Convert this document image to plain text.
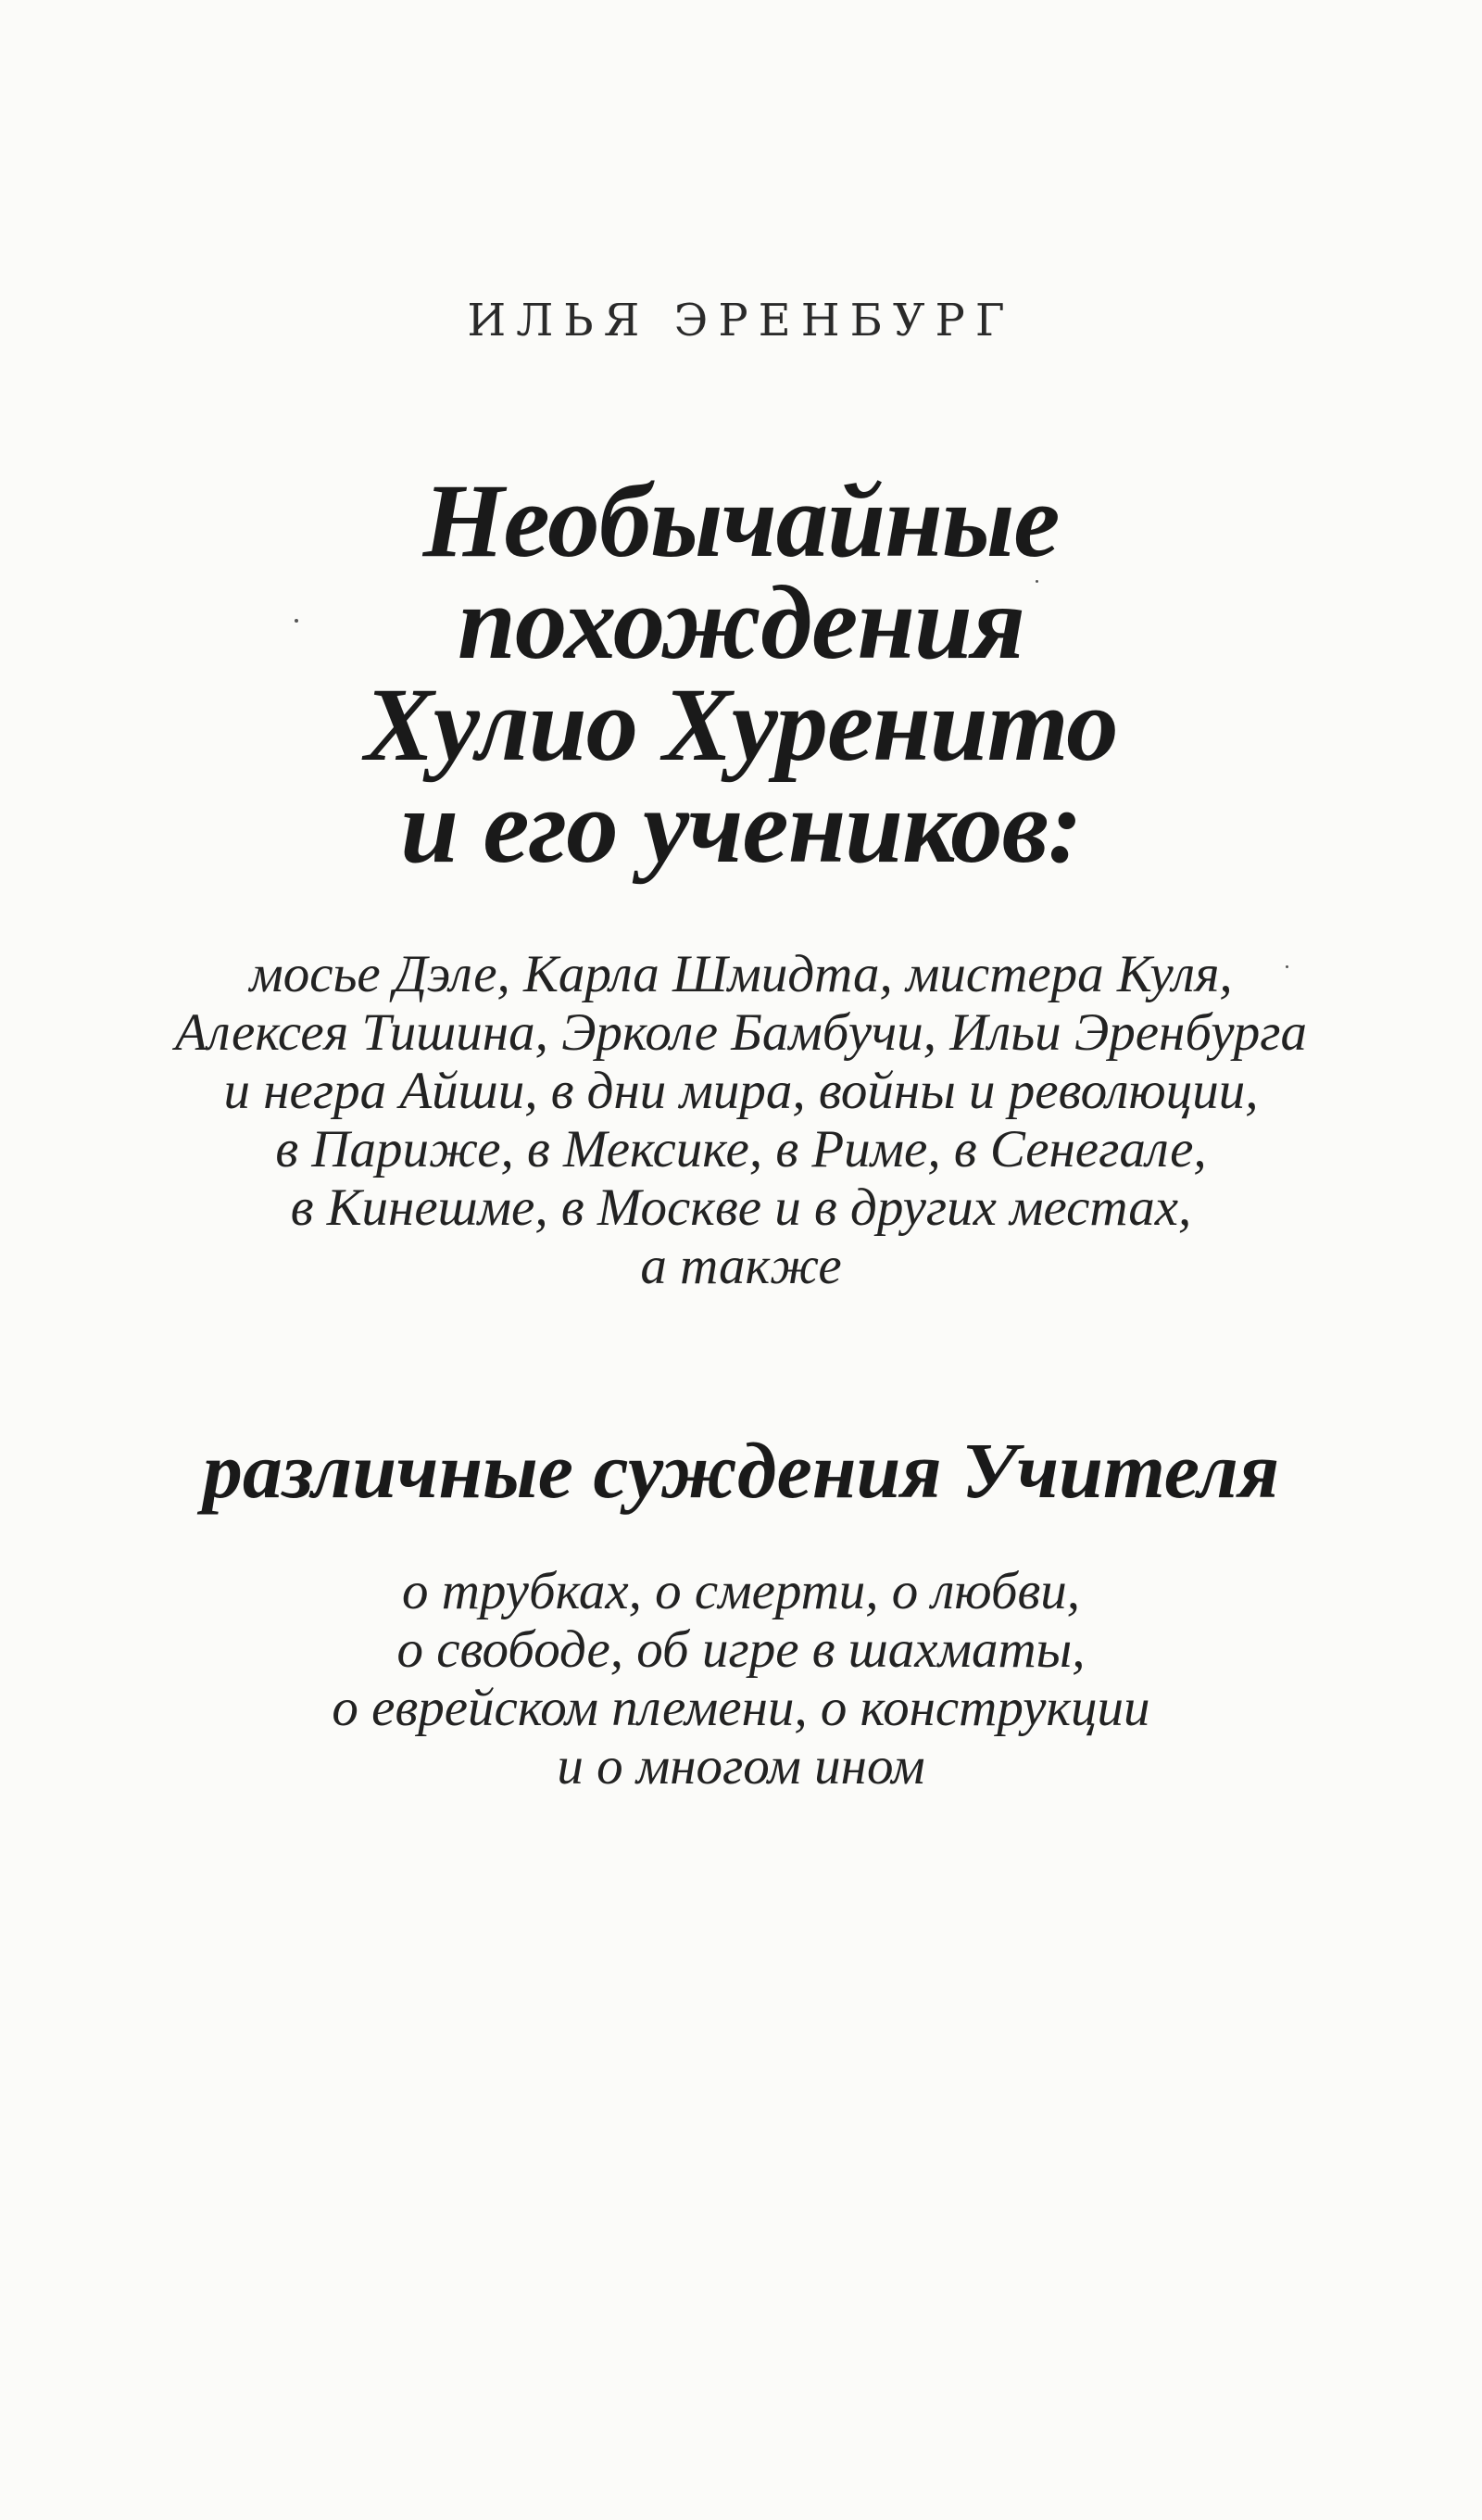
ИЛЬЯ ЭРЕНБУРГ

Необычайные
похождения
Хулио Хуренито
и его учеников:

мосье Дэле, Карла Шмидта, мистера Куля,
Алексея Тишина, Эрколе Бамбучи, Ильи Эренбурга
и негра Айши, в дни мира, войны и революции,
в Париже, в Мексике, в Риме, в Сенегале,
в Кинешме, в Москве и в других местах,
а также

различные суждения Учителя

о трубках, о смерти, о любви,
о свободе, об игре в шахматы,
о еврейском племени, о конструкции
и о многом ином
